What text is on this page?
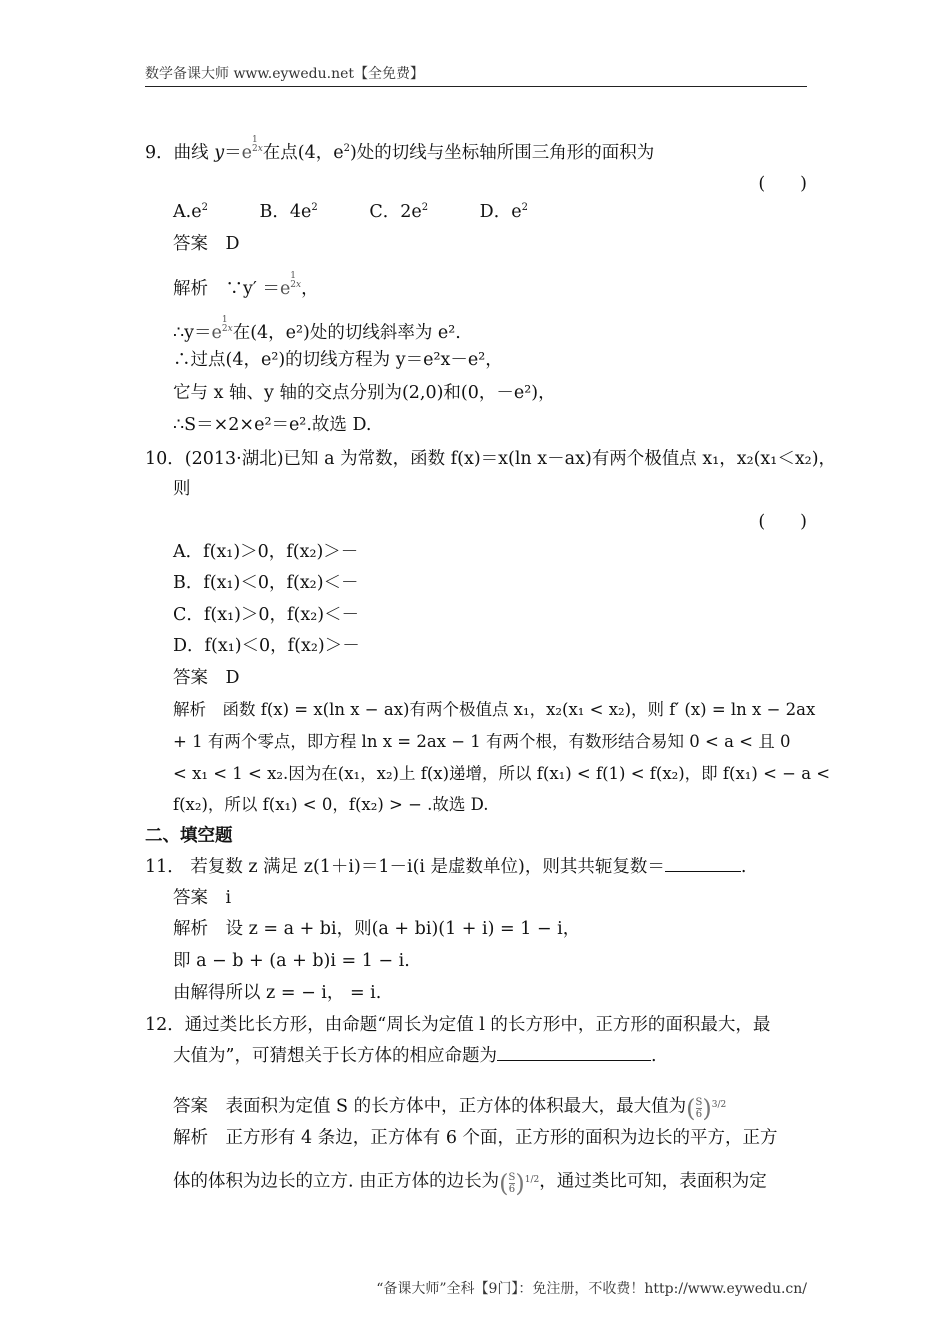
数学备课大师 www.eywedu.net【全免费】
9．曲线 y＝e
1
2 $^x$在点(4，$e^2$)处的切线与坐标轴所围三角形的面积为
(　　)
$A.e^2$	B．$4e^2$	C．$2e^2$	D．$e^2$
答案　 D
解析　 ∵y′ ＝e
1
2 $^x$，
∴y＝e
1
2 $^x$在(4，e²)处的切线斜率为 e².
∴过点(4，e²)的切线方程为 y＝e²x－e²，
它与 x 轴、y 轴的交点分别为(2,0)和(0，－e²)，
∴S＝×2×e²＝e².故选 D.
10．(2013·湖北)已知 a 为常数，函数 f(x)＝x(ln x－ax)有两个极值点 x₁，x₂(x₁＜x₂)，
则
(　　)
A．f(x₁)＞0，f(x₂)＞－
B．f(x₁)＜0，f(x₂)＜－
C．f(x₁)＞0，f(x₂)＜－
D．f(x₁)＜0，f(x₂)＞－
答案　 D
解析　 函数 f(x) = x(ln x − ax)有两个极值点 x₁，x₂(x₁ < x₂)，则 f′ (x) = ln x − 2ax
+ 1 有两个零点，即方程 ln x = 2ax − 1 有两个根，有数形结合易知 0 < a < 且 0
< x₁ < 1 < x₂.因为在(x₁，x₂)上 f(x)递增，所以 f(x₁) < f(1) < f(x₂)，即 f(x₁) < − a <
f(x₂)，所以 f(x₁) < 0，f(x₂) > − .故选 D.
二、填空题
11． 若复数 z 满足 z(1＋i)＝1－i(i 是虚数单位)，则其共轭复数＝	.
答案　 i
解析　 设 z = a + bi，则(a + bi)(1 + i) = 1 − i，
即 a − b + (a + b)i = 1 − i.
由解得所以 z = − i， = i.
12．通过类比长方形，由命题“周长为定值 l 的长方形中，正方形的面积最大，最
大值为”，可猜想关于长方体的相应命题为	.
答案　 表面积为定值 S 的长方体中，正方体的体积最大，最大值为( $\frac{S}{6} )^{3/2}$
解析　 正方形有 4 条边，正方体有 6 个面，正方形的面积为边长的平方，正方
体的体积为边长的立方. 由正方体的边长为( $\frac{S}{6} )^{1/2}$，通过类比可知，表面积为定
“备课大师”全科【9门】：免注册，不收费！http://www.eywedu.cn/
